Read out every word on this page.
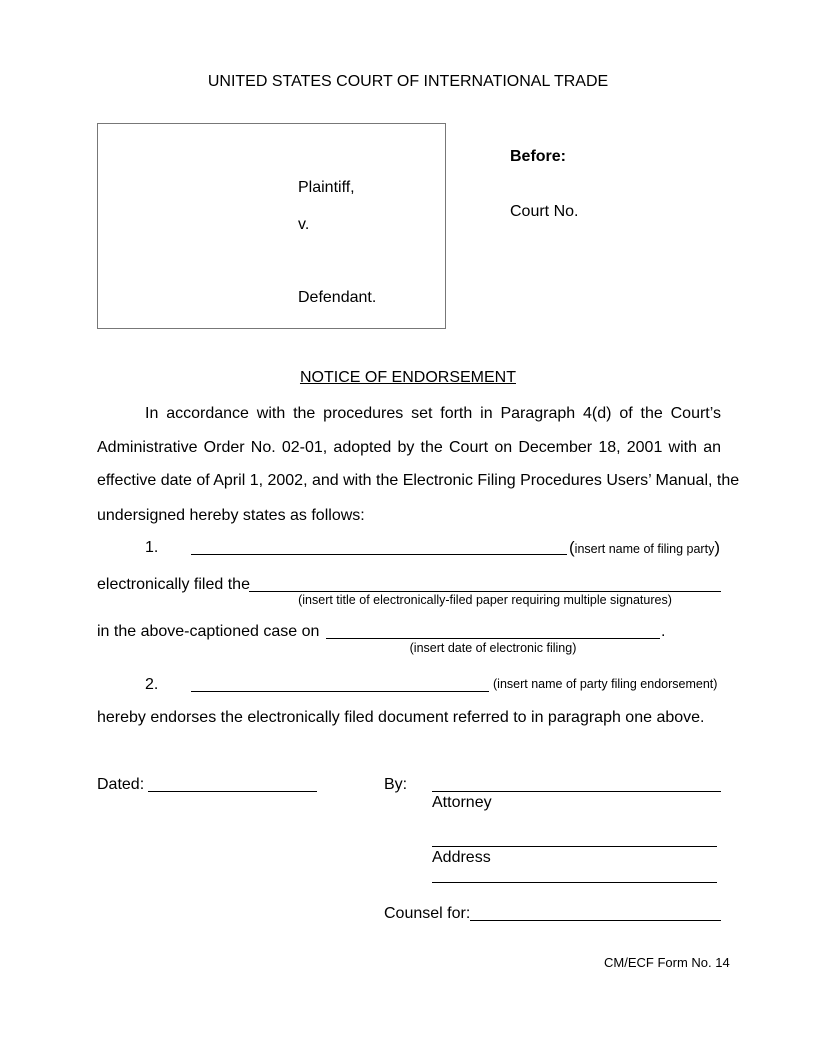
UNITED STATES COURT OF INTERNATIONAL TRADE
Plaintiff,
v.
Defendant.
Before:
Court No.
NOTICE OF ENDORSEMENT
In accordance with the procedures set forth in Paragraph 4(d) of the Court’s
Administrative Order No. 02-01, adopted by the Court on December 18, 2001 with an
effective date of April 1, 2002, and with the Electronic Filing Procedures Users’ Manual, the
undersigned hereby states as follows:
1.	(insert name of filing party)
electronically filed the
(insert title of electronically-filed paper requiring multiple signatures)
in the above-captioned case on	.
(insert date of electronic filing)
2.	(insert name of party filing endorsement)
hereby endorses the electronically filed document referred to in paragraph one above.
Dated:	By:
Attorney
Address
Counsel for:
CM/ECF Form No. 14
